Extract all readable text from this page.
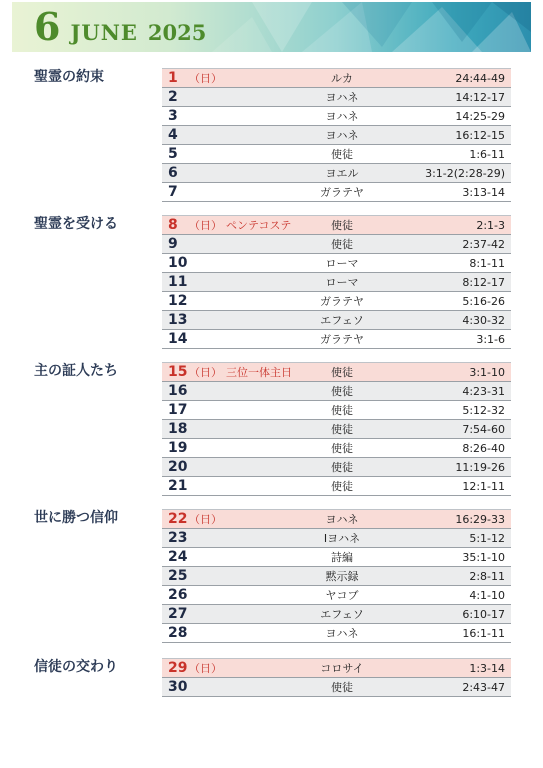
6 JUNE 2025
聖霊の約束	1 （日）	ルカ	24:44-49
2	ヨハネ	14:12-17
3	ヨハネ	14:25-29
4	ヨハネ	16:12-15
5	使徒	1:6-11
6	ヨエル	3:1-2(2:28-29)
7	ガラテヤ	3:13-14
聖霊を受ける	8 （日） ペンテコステ	使徒	2:1-3
9	使徒	2:37-42
10	ローマ	8:1-11
11	ローマ	8:12-17
12	ガラテヤ	5:16-26
13	エフェソ	4:30-32
14	ガラテヤ	3:1-6
主の証人たち	15 （日） 三位一体主日	使徒	3:1-10
16	使徒	4:23-31
17	使徒	5:12-32
18	使徒	7:54-60
19	使徒	8:26-40
20	使徒	11:19-26
21	使徒	12:1-11
世に勝つ信仰	22 （日）	ヨハネ	16:29-33
23	Ⅰヨハネ	5:1-12
24	詩編	35:1-10
25	黙示録	2:8-11
26	ヤコブ	4:1-10
27	エフェソ	6:10-17
28	ヨハネ	16:1-11
信徒の交わり	29 （日）	コロサイ	1:3-14
30	使徒	2:43-47
